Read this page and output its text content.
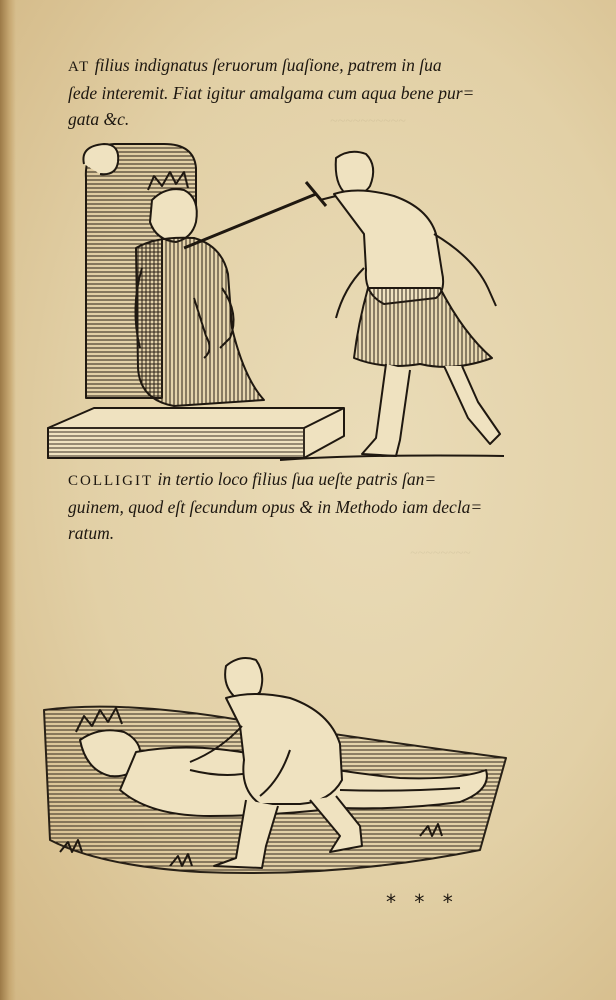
~~~~~~~~~~
~~~~~~~~
AT filius indignatus ſeruorum ſuaſione, patrem in ſua
ſede interemit. Fiat igitur amalgama cum aqua bene pur=
gata &c.
COLLIGIT in tertio loco filius ſua ueſte patris ſan=
guinem, quod eſt ſecundum opus & in Methodo iam decla=
ratum.
* * *
